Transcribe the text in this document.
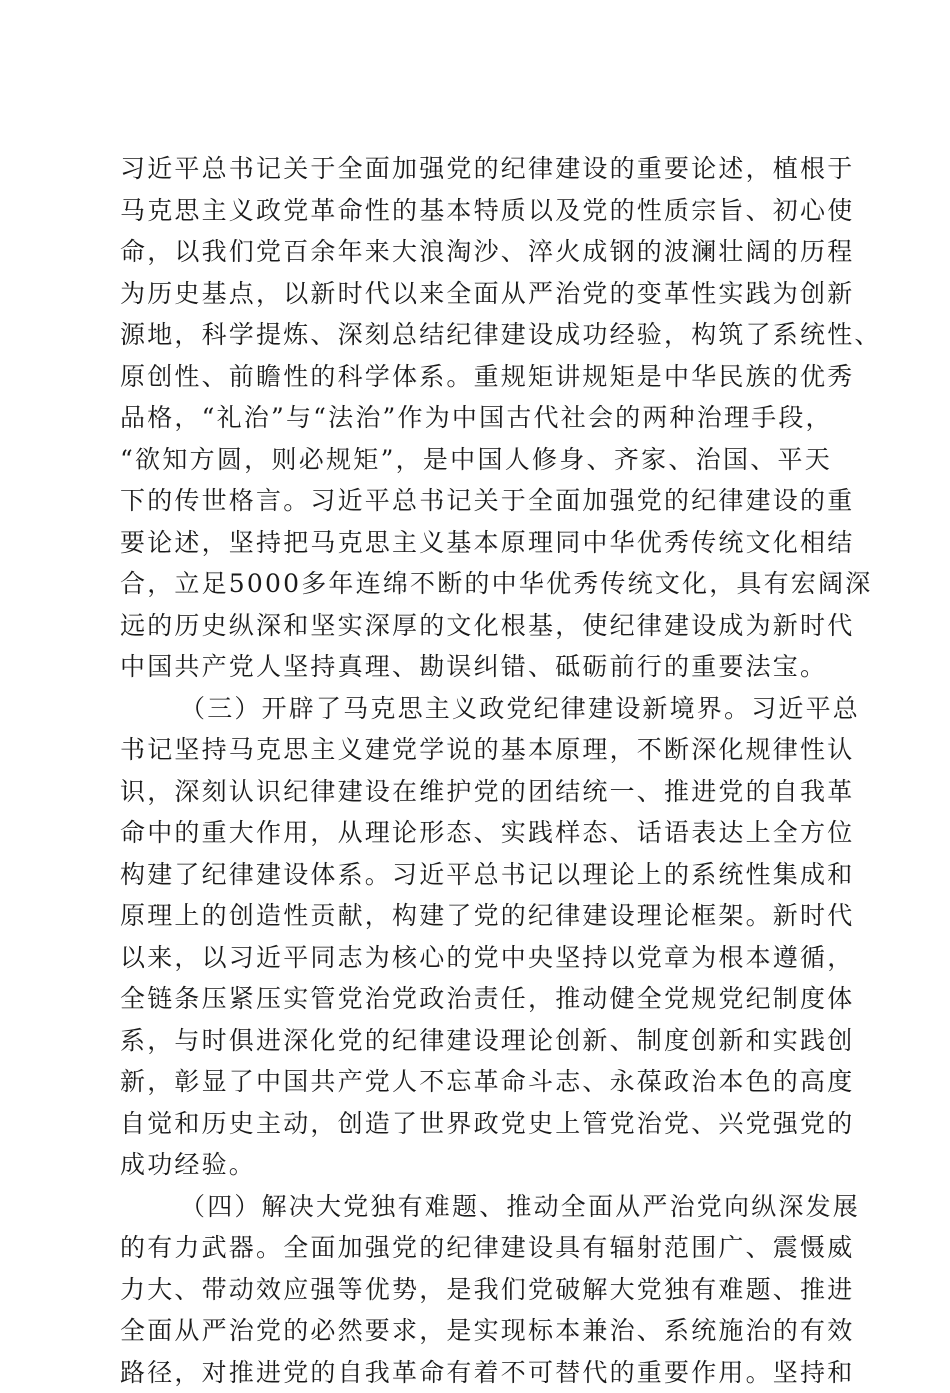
习近平总书记关于全面加强党的纪律建设的重要论述，植根于
马克思主义政党革命性的基本特质以及党的性质宗旨、初心使
命，以我们党百余年来大浪淘沙、淬火成钢的波澜壮阔的历程
为历史基点，以新时代以来全面从严治党的变革性实践为创新
源地，科学提炼、深刻总结纪律建设成功经验，构筑了系统性、
原创性、前瞻性的科学体系。重规矩讲规矩是中华民族的优秀
品格，“礼治”与“法治”作为中国古代社会的两种治理手段，
“欲知方圆，则必规矩”，是中国人修身、齐家、治国、平天
下的传世格言。习近平总书记关于全面加强党的纪律建设的重
要论述，坚持把马克思主义基本原理同中华优秀传统文化相结
合，立足5000多年连绵不断的中华优秀传统文化，具有宏阔深
远的历史纵深和坚实深厚的文化根基，使纪律建设成为新时代
中国共产党人坚持真理、勘误纠错、砥砺前行的重要法宝。
（三）开辟了马克思主义政党纪律建设新境界。习近平总
书记坚持马克思主义建党学说的基本原理，不断深化规律性认
识，深刻认识纪律建设在维护党的团结统一、推进党的自我革
命中的重大作用，从理论形态、实践样态、话语表达上全方位
构建了纪律建设体系。习近平总书记以理论上的系统性集成和
原理上的创造性贡献，构建了党的纪律建设理论框架。新时代
以来，以习近平同志为核心的党中央坚持以党章为根本遵循，
全链条压紧压实管党治党政治责任，推动健全党规党纪制度体
系，与时俱进深化党的纪律建设理论创新、制度创新和实践创
新，彰显了中国共产党人不忘革命斗志、永葆政治本色的高度
自觉和历史主动，创造了世界政党史上管党治党、兴党强党的
成功经验。
（四）解决大党独有难题、推动全面从严治党向纵深发展
的有力武器。全面加强党的纪律建设具有辐射范围广、震慑威
力大、带动效应强等优势，是我们党破解大党独有难题、推进
全面从严治党的必然要求，是实现标本兼治、系统施治的有效
路径，对推进党的自我革命有着不可替代的重要作用。坚持和
